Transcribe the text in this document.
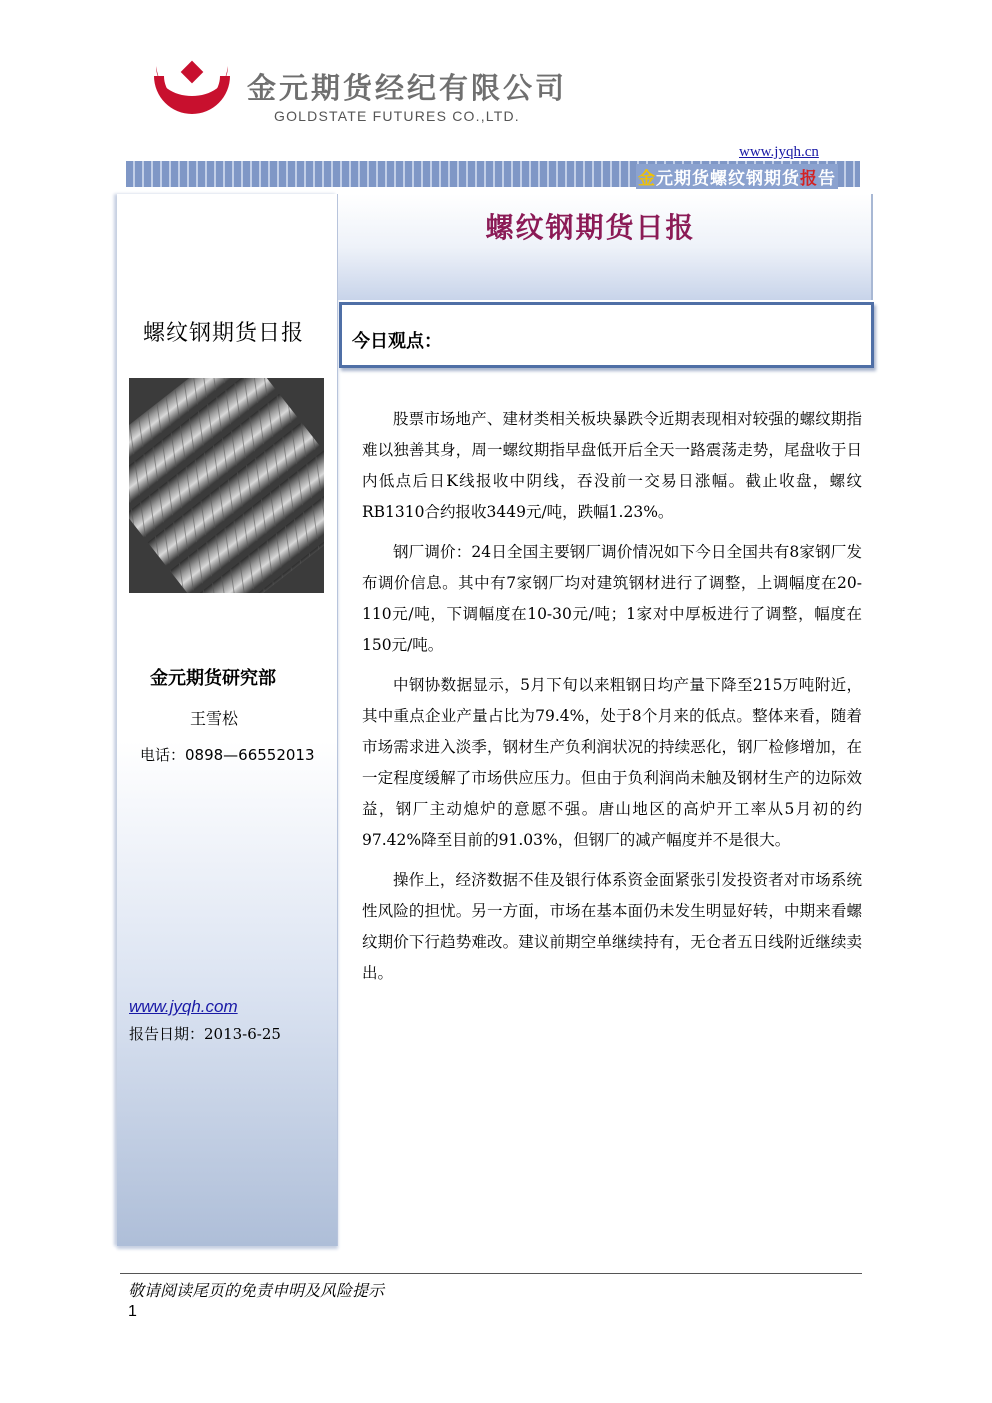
金元期货经纪有限公司
GOLDSTATE FUTURES CO.,LTD.
www.jyqh.cn
金元期货螺纹钢期货报告
螺纹钢期货日报
金元期货研究部
王雪松
电话：0898—66552013
www.jyqh.com
报告日期：2013-6-25
螺纹钢期货日报
今日观点：

股票市场地产、建材类相关板块暴跌令近期表现相对较强的螺纹期指难以独善其身，周一螺纹期指早盘低开后全天一路震荡走势，尾盘收于日内低点后日K线报收中阴线，吞没前一交易日涨幅。截止收盘，螺纹RB1310合约报收3449元/吨，跌幅1.23%。

钢厂调价：24日全国主要钢厂调价情况如下今日全国共有8家钢厂发布调价信息。其中有7家钢厂均对建筑钢材进行了调整，上调幅度在20-110元/吨，下调幅度在10-30元/吨；1家对中厚板进行了调整，幅度在150元/吨。

中钢协数据显示，5月下旬以来粗钢日均产量下降至215万吨附近，其中重点企业产量占比为79.4%，处于8个月来的低点。整体来看，随着市场需求进入淡季，钢材生产负利润状况的持续恶化，钢厂检修增加，在一定程度缓解了市场供应压力。但由于负利润尚未触及钢材生产的边际效益，钢厂主动熄炉的意愿不强。唐山地区的高炉开工率从5月初的约97.42%降至目前的91.03%，但钢厂的减产幅度并不是很大。

操作上，经济数据不佳及银行体系资金面紧张引发投资者对市场系统性风险的担忧。另一方面，市场在基本面仍未发生明显好转，中期来看螺纹期价下行趋势难改。建议前期空单继续持有，无仓者五日线附近继续卖出。

敬请阅读尾页的免责申明及风险提示
1
